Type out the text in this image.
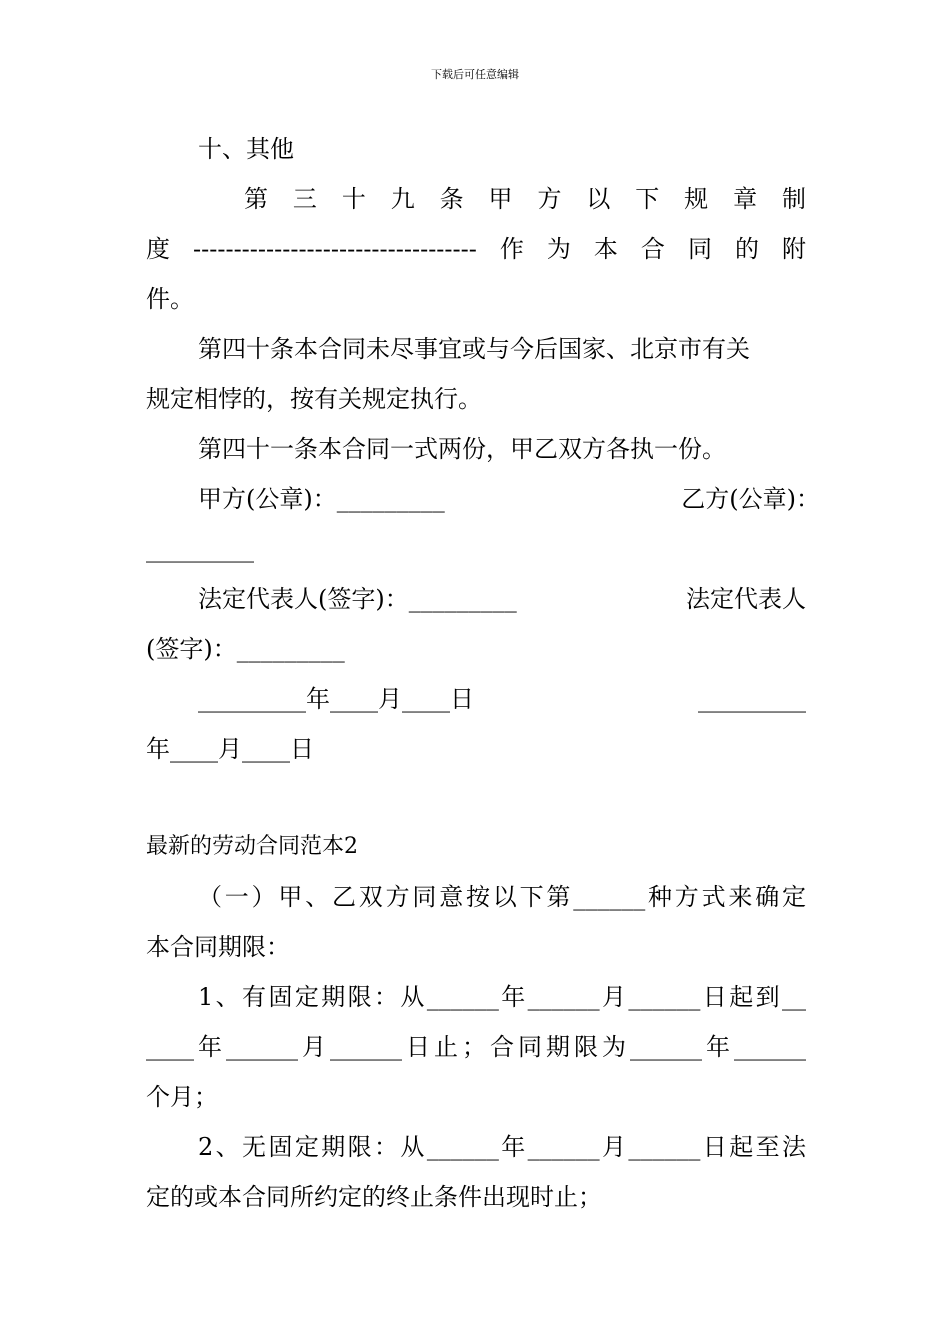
下载后可任意编辑
十、其他
第三十九条甲方以下规章制
度-----------------------------------作为本合同的附
件。
第四十条本合同未尽事宜或与今后国家、北京市有关
规定相悖的，按有关规定执行。
第四十一条本合同一式两份，甲乙双方各执一份。
甲方(公章)：_________	乙方(公章)：
_________
法定代表人(签字)：_________	法定代表人
(签字)：_________
_________年____月____日	_________
年____月____日
最新的劳动合同范本2
（一）甲、乙双方同意按以下第______种方式来确定
本合同期限：
1、有固定期限：从______年______月______日起到__
____年______月______日止；合同期限为______年______
个月；
2、无固定期限：从______年______月______日起至法
定的或本合同所约定的终止条件出现时止；
